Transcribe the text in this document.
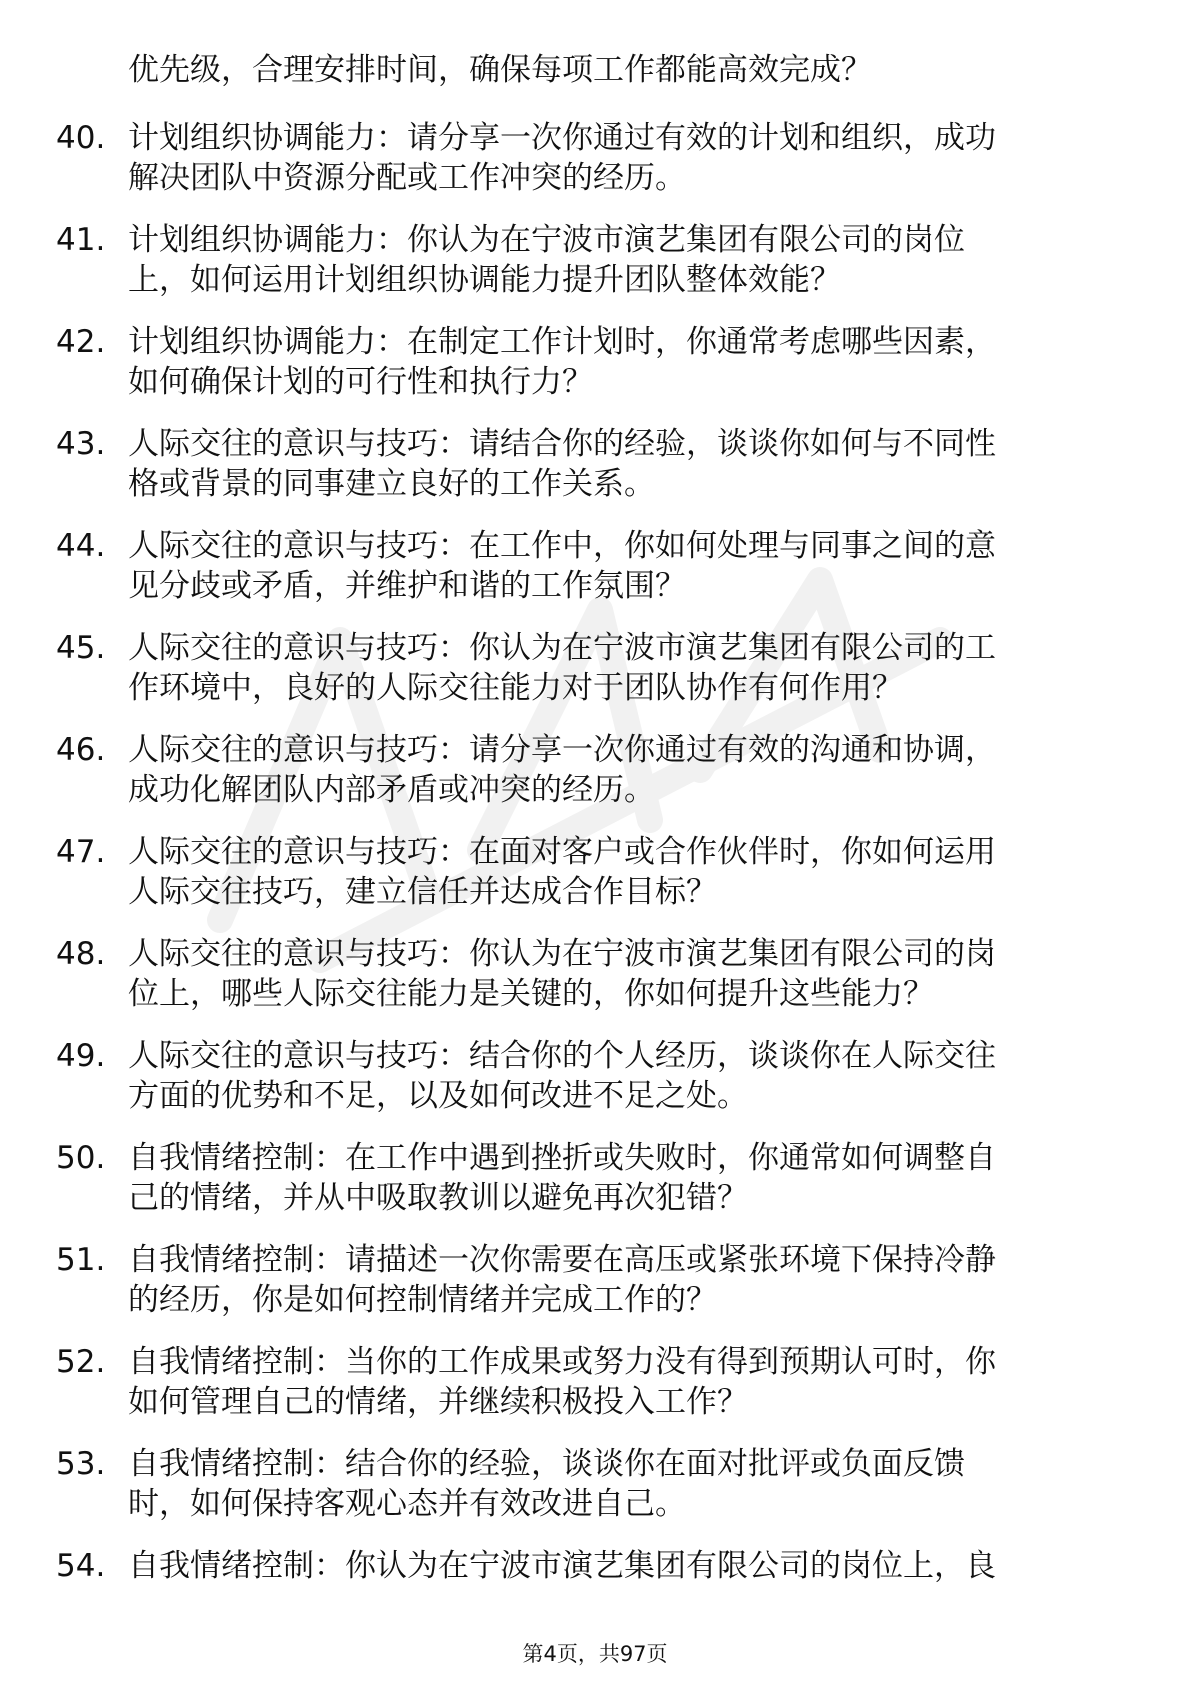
优先级，合理安排时间，确保每项工作都能高效完成？
40. 计划组织协调能力：请分享一次你通过有效的计划和组织，成功
解决团队中资源分配或工作冲突的经历。
41. 计划组织协调能力：你认为在宁波市演艺集团有限公司的岗位
上，如何运用计划组织协调能力提升团队整体效能？
42. 计划组织协调能力：在制定工作计划时，你通常考虑哪些因素，
如何确保计划的可行性和执行力？
43. 人际交往的意识与技巧：请结合你的经验，谈谈你如何与不同性
格或背景的同事建立良好的工作关系。
44. 人际交往的意识与技巧：在工作中，你如何处理与同事之间的意
见分歧或矛盾，并维护和谐的工作氛围？
45. 人际交往的意识与技巧：你认为在宁波市演艺集团有限公司的工
作环境中，良好的人际交往能力对于团队协作有何作用？
46. 人际交往的意识与技巧：请分享一次你通过有效的沟通和协调，
成功化解团队内部矛盾或冲突的经历。
47. 人际交往的意识与技巧：在面对客户或合作伙伴时，你如何运用
人际交往技巧，建立信任并达成合作目标？
48. 人际交往的意识与技巧：你认为在宁波市演艺集团有限公司的岗
位上，哪些人际交往能力是关键的，你如何提升这些能力？
49. 人际交往的意识与技巧：结合你的个人经历，谈谈你在人际交往
方面的优势和不足，以及如何改进不足之处。
50. 自我情绪控制：在工作中遇到挫折或失败时，你通常如何调整自
己的情绪，并从中吸取教训以避免再次犯错？
51. 自我情绪控制：请描述一次你需要在高压或紧张环境下保持冷静
的经历，你是如何控制情绪并完成工作的？
52. 自我情绪控制：当你的工作成果或努力没有得到预期认可时，你
如何管理自己的情绪，并继续积极投入工作？
53. 自我情绪控制：结合你的经验，谈谈你在面对批评或负面反馈
时，如何保持客观心态并有效改进自己。
54. 自我情绪控制：你认为在宁波市演艺集团有限公司的岗位上，良
第4页，共97页
